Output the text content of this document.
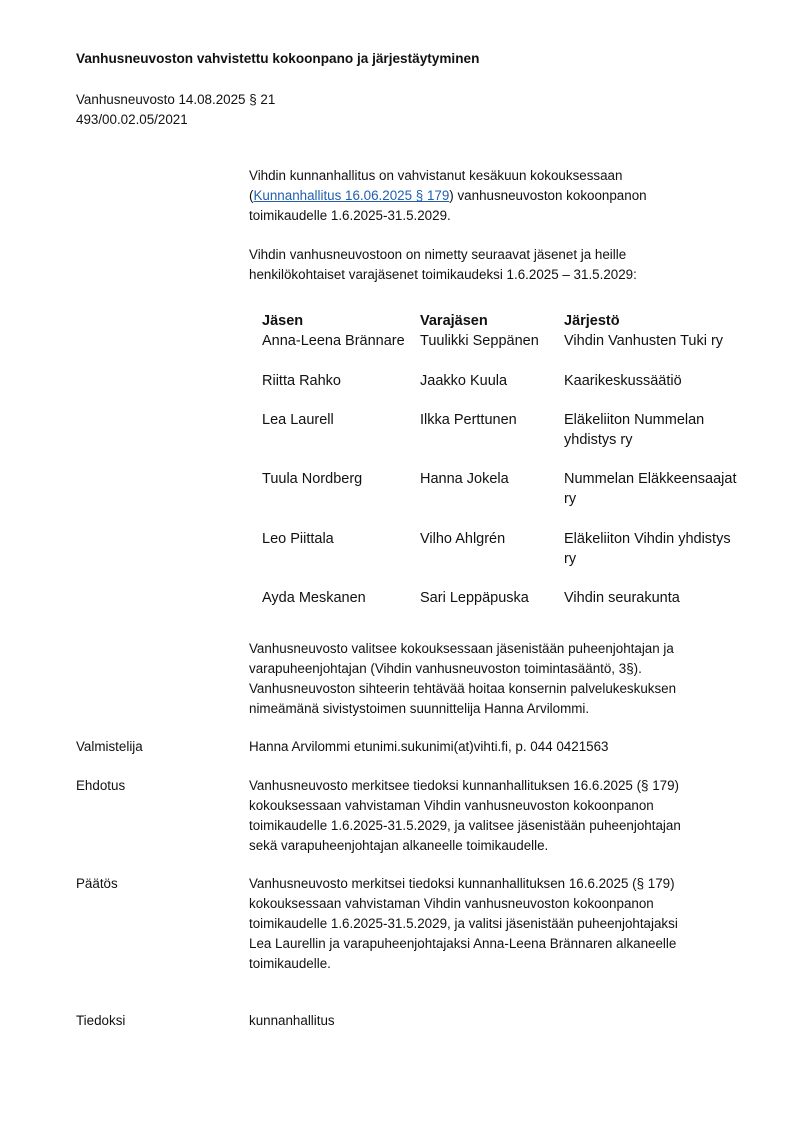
Vanhusneuvoston vahvistettu kokoonpano ja järjestäytyminen
Vanhusneuvosto 14.08.2025 § 21
493/00.02.05/2021
Vihdin kunnanhallitus on vahvistanut kesäkuun kokouksessaan
(Kunnanhallitus 16.06.2025 § 179) vanhusneuvoston kokoonpanon
toimikaudelle 1.6.2025-31.5.2029.
Vihdin vanhusneuvostoon on nimetty seuraavat jäsenet ja heille
henkilökohtaiset varajäsenet toimikaudeksi 1.6.2025 – 31.5.2029:
Jäsen	Varajäsen	Järjestö
Anna-Leena Brännare	Tuulikki Seppänen	Vihdin Vanhusten Tuki ry
Riitta Rahko	Jaakko Kuula	Kaarikeskussäätiö
Lea Laurell	Ilkka Perttunen	Eläkeliiton Nummelan yhdistys ry
Tuula Nordberg	Hanna Jokela	Nummelan Eläkkeensaajat ry
Leo Piittala	Vilho Ahlgrén	Eläkeliiton Vihdin yhdistys ry
Ayda Meskanen	Sari Leppäpuska	Vihdin seurakunta
Vanhusneuvosto valitsee kokouksessaan jäsenistään puheenjohtajan ja
varapuheenjohtajan (Vihdin vanhusneuvoston toimintasääntö, 3§).
Vanhusneuvoston sihteerin tehtävää hoitaa konsernin palvelukeskuksen
nimeämänä sivistystoimen suunnittelija Hanna Arvilommi.
Valmistelija	Hanna Arvilommi etunimi.sukunimi(at)vihti.fi, p. 044 0421563
Ehdotus	Vanhusneuvosto merkitsee tiedoksi kunnanhallituksen 16.6.2025 (§ 179)
kokouksessaan vahvistaman Vihdin vanhusneuvoston kokoonpanon
toimikaudelle 1.6.2025-31.5.2029, ja valitsee jäsenistään puheenjohtajan
sekä varapuheenjohtajan alkaneelle toimikaudelle.
Päätös	Vanhusneuvosto merkitsei tiedoksi kunnanhallituksen 16.6.2025 (§ 179)
kokouksessaan vahvistaman Vihdin vanhusneuvoston kokoonpanon
toimikaudelle 1.6.2025-31.5.2029, ja valitsi jäsenistään puheenjohtajaksi
Lea Laurellin ja varapuheenjohtajaksi Anna-Leena Brännaren alkaneelle
toimikaudelle.
Tiedoksi	kunnanhallitus
